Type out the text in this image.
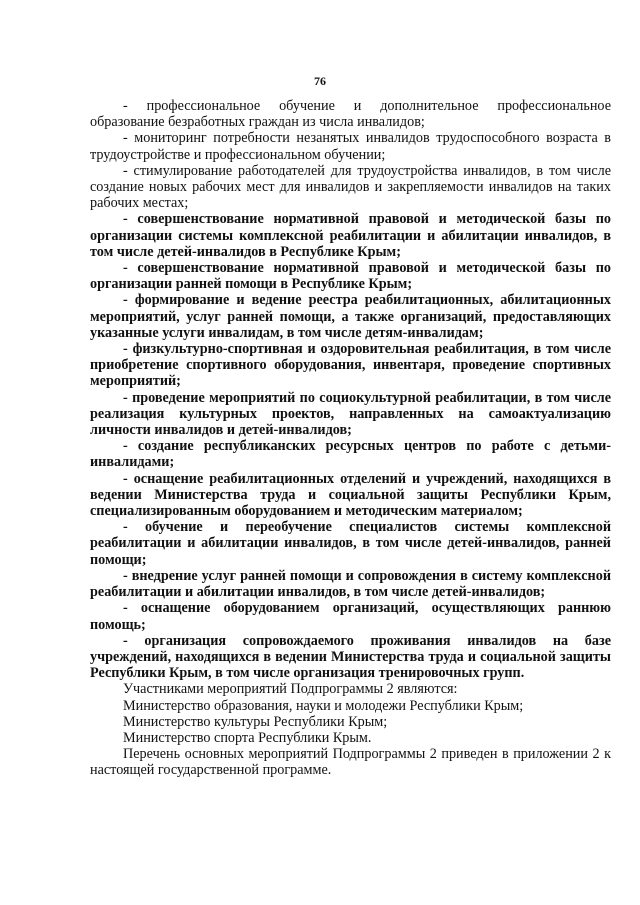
76

- профессиональное обучение и дополнительное профессиональное образование безработных граждан из числа инвалидов;

- мониторинг потребности незанятых инвалидов трудоспособного возраста в трудоустройстве и профессиональном обучении;

- стимулирование работодателей для трудоустройства инвалидов, в том числе создание новых рабочих мест для инвалидов и закрепляемости инвалидов на таких рабочих местах;

- совершенствование нормативной правовой и методической базы по организации системы комплексной реабилитации и абилитации инвалидов, в том числе детей-инвалидов в Республике Крым;

- совершенствование нормативной правовой и методической базы по организации ранней помощи в Республике Крым;

- формирование и ведение реестра реабилитационных, абилитационных мероприятий, услуг ранней помощи, а также организаций, предоставляющих указанные услуги инвалидам, в том числе детям-инвалидам;

- физкультурно-спортивная и оздоровительная реабилитация, в том числе приобретение спортивного оборудования, инвентаря, проведение спортивных мероприятий;

- проведение мероприятий по социокультурной реабилитации, в том числе реализация культурных проектов, направленных на самоактуализацию личности инвалидов и детей-инвалидов;

- создание республиканских ресурсных центров по работе с детьми-инвалидами;

- оснащение реабилитационных отделений и учреждений, находящихся в ведении Министерства труда и социальной защиты Республики Крым, специализированным оборудованием и методическим материалом;

- обучение и переобучение специалистов системы комплексной реабилитации и абилитации инвалидов, в том числе детей-инвалидов, ранней помощи;

- внедрение услуг ранней помощи и сопровождения в систему комплексной реабилитации и абилитации инвалидов, в том числе детей-инвалидов;

- оснащение оборудованием организаций, осуществляющих раннюю помощь;

- организация сопровождаемого проживания инвалидов на базе учреждений, находящихся в ведении Министерства труда и социальной защиты Республики Крым, в том числе организация тренировочных групп.

Участниками мероприятий Подпрограммы 2 являются:

Министерство образования, науки и молодежи Республики Крым;

Министерство культуры Республики Крым;

Министерство спорта Республики Крым.

Перечень основных мероприятий Подпрограммы 2 приведен в приложении 2 к настоящей государственной программе.
